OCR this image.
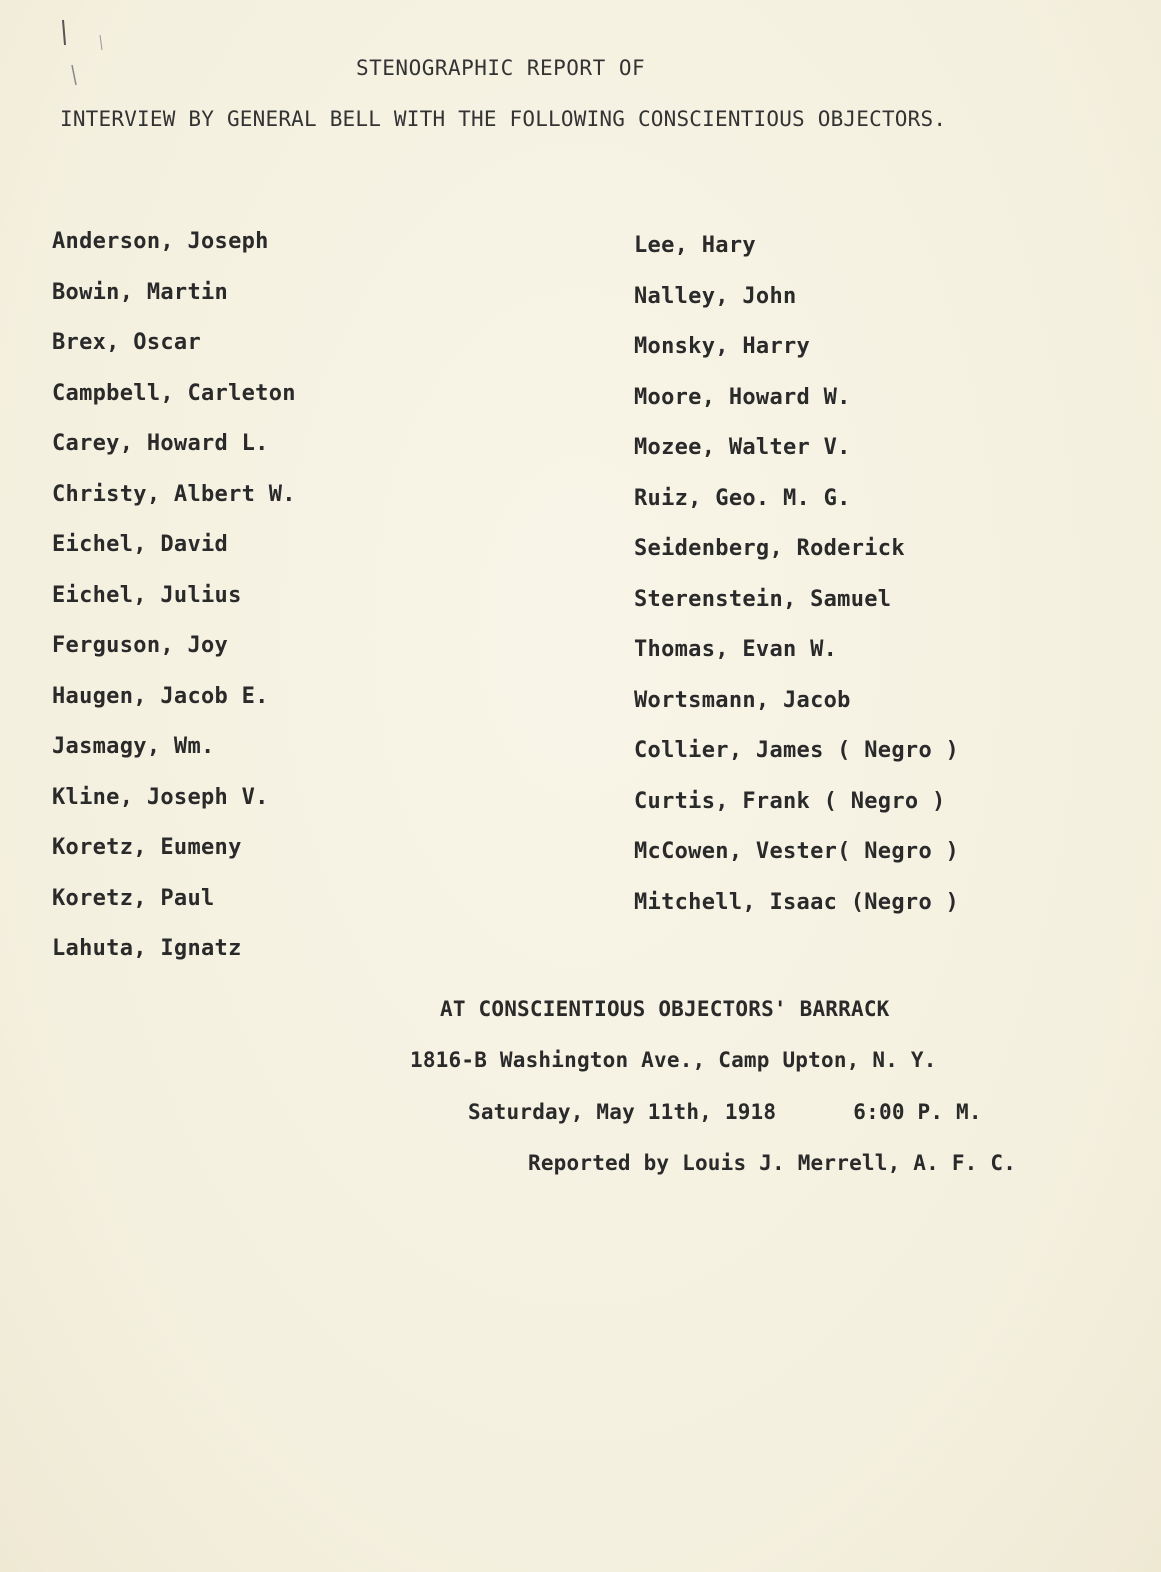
STENOGRAPHIC REPORT OF
INTERVIEW BY GENERAL BELL WITH THE FOLLOWING CONSCIENTIOUS OBJECTORS.
Anderson, Joseph
Bowin, Martin
Brex, Oscar
Campbell, Carleton
Carey, Howard L.
Christy, Albert W.
Eichel, David
Eichel, Julius
Ferguson, Joy
Haugen, Jacob E.
Jasmagy, Wm.
Kline, Joseph V.
Koretz, Eumeny
Koretz, Paul
Lahuta, Ignatz
Lee, Hary
Nalley, John
Monsky, Harry
Moore, Howard W.
Mozee, Walter V.
Ruiz, Geo. M. G.
Seidenberg, Roderick
Sterenstein, Samuel
Thomas, Evan W.
Wortsmann, Jacob
Collier, James ( Negro )
Curtis, Frank ( Negro )
McCowen, Vester( Negro )
Mitchell, Isaac (Negro )
AT CONSCIENTIOUS OBJECTORS' BARRACK
1816-B Washington Ave., Camp Upton, N. Y.
Saturday, May 11th, 1918      6:00 P. M.
Reported by Louis J. Merrell, A. F. C.
